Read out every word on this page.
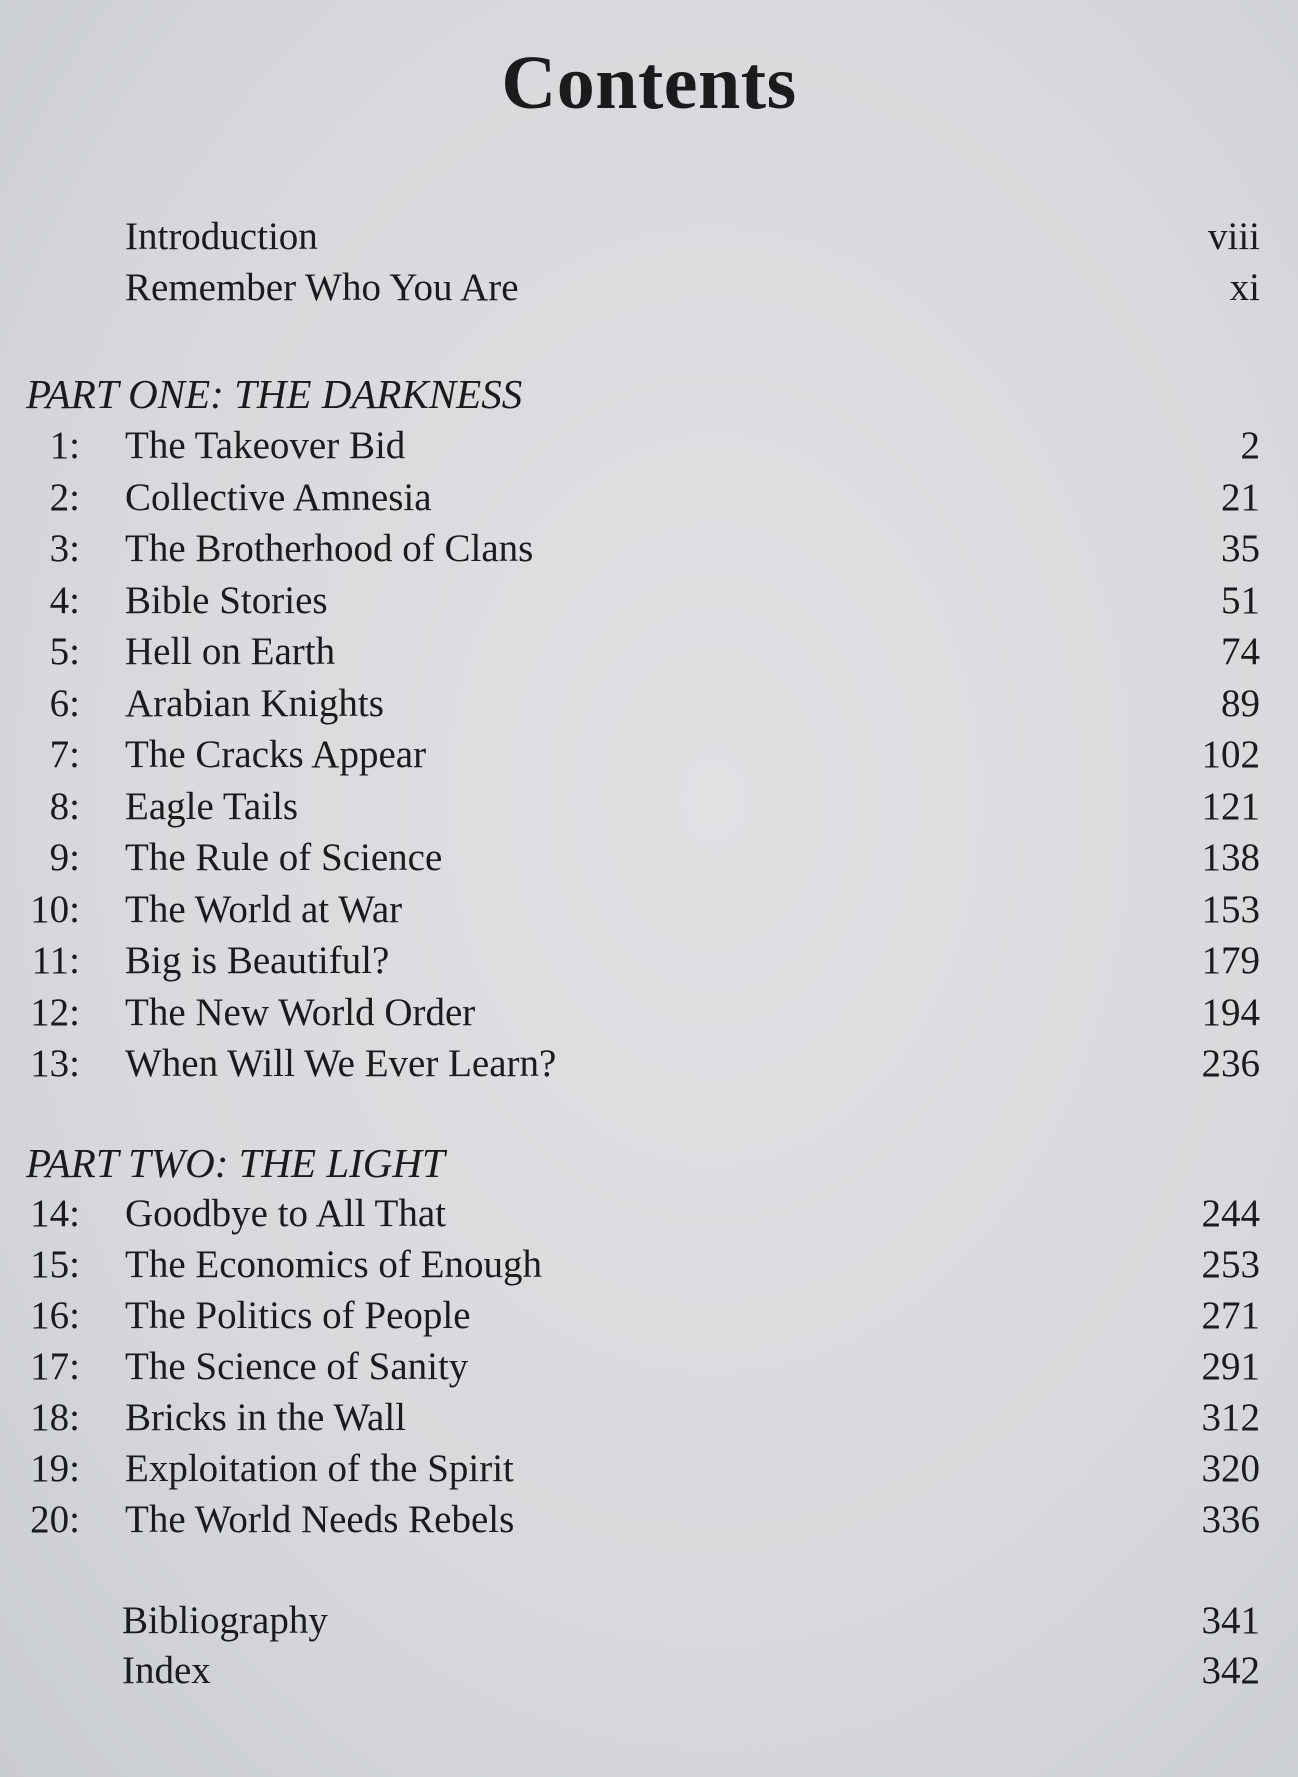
Contents
Introduction	viii
Remember Who You Are	xi
PART ONE: THE DARKNESS
1: The Takeover Bid	2
2: Collective Amnesia	21
3: The Brotherhood of Clans	35
4: Bible Stories	51
5: Hell on Earth	74
6: Arabian Knights	89
7: The Cracks Appear	102
8: Eagle Tails	121
9: The Rule of Science	138
10: The World at War	153
11: Big is Beautiful?	179
12: The New World Order	194
13: When Will We Ever Learn?	236
PART TWO: THE LIGHT
14: Goodbye to All That	244
15: The Economics of Enough	253
16: The Politics of People	271
17: The Science of Sanity	291
18: Bricks in the Wall	312
19: Exploitation of the Spirit	320
20: The World Needs Rebels	336
Bibliography	341
Index	342
